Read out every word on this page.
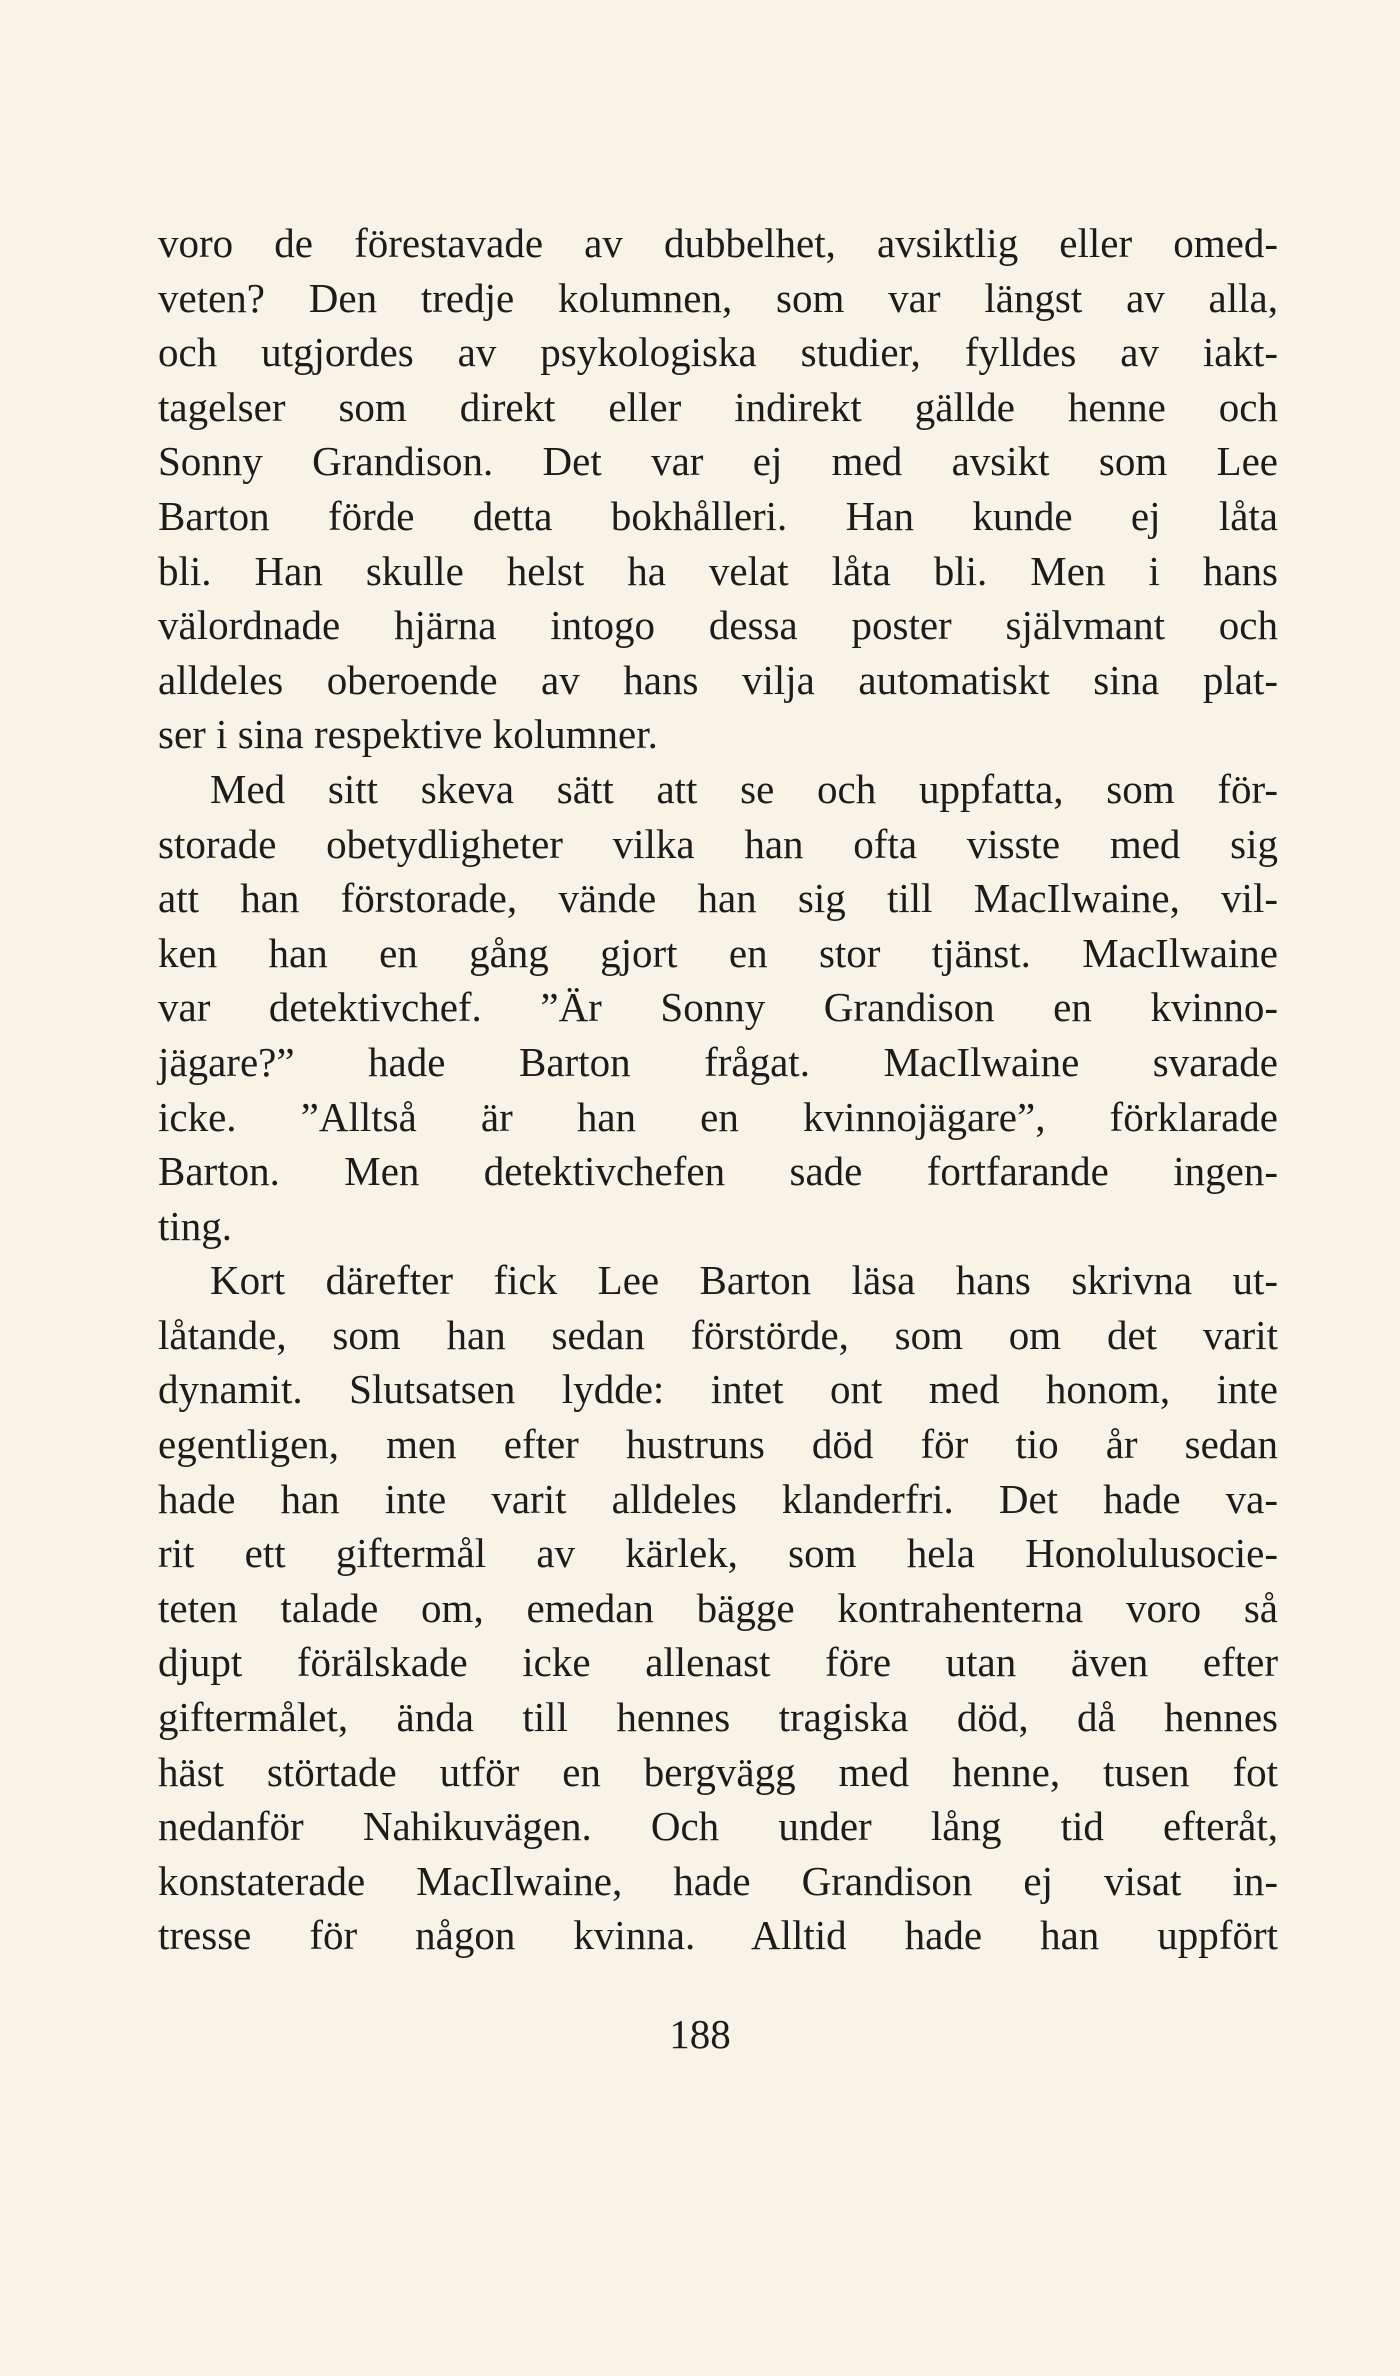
voro de förestavade av dubbelhet, avsiktlig eller omed-
veten? Den tredje kolumnen, som var längst av alla,
och utgjordes av psykologiska studier, fylldes av iakt-
tagelser som direkt eller indirekt gällde henne och
Sonny Grandison. Det var ej med avsikt som Lee
Barton förde detta bokhålleri. Han kunde ej låta
bli. Han skulle helst ha velat låta bli. Men i hans
välordnade hjärna intogo dessa poster självmant och
alldeles oberoende av hans vilja automatiskt sina plat-
ser i sina respektive kolumner.
Med sitt skeva sätt att se och uppfatta, som för-
storade obetydligheter vilka han ofta visste med sig
att han förstorade, vände han sig till MacIlwaine, vil-
ken han en gång gjort en stor tjänst. MacIlwaine
var detektivchef. ”Är Sonny Grandison en kvinno-
jägare?” hade Barton frågat. MacIlwaine svarade
icke. ”Alltså är han en kvinnojägare”, förklarade
Barton. Men detektivchefen sade fortfarande ingen-
ting.
Kort därefter fick Lee Barton läsa hans skrivna ut-
låtande, som han sedan förstörde, som om det varit
dynamit. Slutsatsen lydde: intet ont med honom, inte
egentligen, men efter hustruns död för tio år sedan
hade han inte varit alldeles klanderfri. Det hade va-
rit ett giftermål av kärlek, som hela Honolulusocie-
teten talade om, emedan bägge kontrahenterna voro så
djupt förälskade icke allenast före utan även efter
giftermålet, ända till hennes tragiska död, då hennes
häst störtade utför en bergvägg med henne, tusen fot
nedanför Nahikuvägen. Och under lång tid efteråt,
konstaterade MacIlwaine, hade Grandison ej visat in-
tresse för någon kvinna. Alltid hade han uppfört
188
